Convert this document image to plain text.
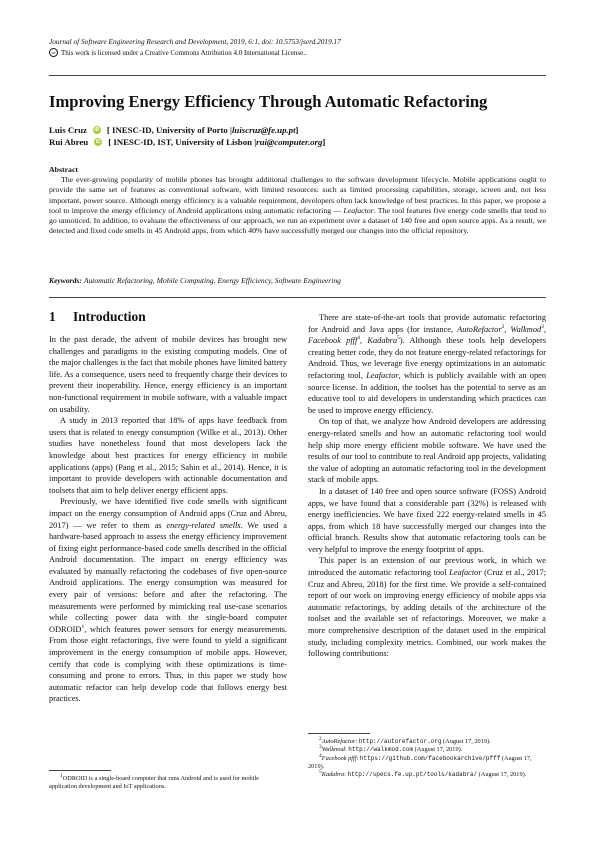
Journal of Software Engineering Research and Development, 2019, 6:1, doi: 10.5753/jserd.2019.17
cc This work is licensed under a Creative Commons Attribution 4.0 International License..
Improving Energy Efficiency Through Automatic Refactoring
Luis Cruz	iD [ INESC-ID, University of Porto | luiscruz@fe.up.pt ]
Rui Abreu	iD [ INESC-ID, IST, University of Lisbon | rui@computer.org ]
Abstract

The ever-growing popularity of mobile phones has brought additional challenges to the software development lifecycle. Mobile applications ought to provide the same set of features as conventional software, with limited resources: such as limited processing capabilities, storage, screen and, not less important, power source. Although energy efficiency is a valuable requirement, developers often lack knowledge of best practices. In this paper, we propose a tool to improve the energy efficiency of Android applications using automatic refactoring — Leafactor. The tool features five energy code smells that tend to go unnoticed. In addition, to evaluate the effectiveness of our approach, we run an experiment over a dataset of 140 free and open source apps. As a result, we detected and fixed code smells in 45 Android apps, from which 40% have successfully merged our changes into the official repository.

Keywords: Automatic Refactoring, Mobile Computing, Energy Efficiency, Software Engineering
1 Introduction

In the past decade, the advent of mobile devices has brought new challenges and paradigms to the existing computing models. One of the major challenges is the fact that mobile phones have limited battery life. As a consequence, users need to frequently charge their devices to prevent their inoperability. Hence, energy efficiency is an important non-functional requirement in mobile software, with a valuable impact on usability.

A study in 2013 reported that 18% of apps have feedback from users that is related to energy consumption (Wilke et al., 2013). Other studies have nonetheless found that most developers lack the knowledge about best practices for energy efficiency in mobile applications (apps) (Pang et al., 2015; Sahin et al., 2014). Hence, it is important to provide developers with actionable documentation and toolsets that aim to help deliver energy efficient apps.

Previously, we have identified five code smells with significant impact on the energy consumption of Android apps (Cruz and Abreu, 2017) — we refer to them as energy-related smells. We used a hardware-based approach to assess the energy efficiency improvement of fixing eight performance-based code smells described in the official Android documentation. The impact on energy efficiency was evaluated by manually refactoring the codebases of five open-source Android applications. The energy consumption was measured for every pair of versions: before and after the refactoring. The measurements were performed by mimicking real use-case scenarios while collecting power data with the single-board computer ODROID$^1$, which features power sensors for energy measurements. From those eight refactorings, five were found to yield a significant improvement in the energy consumption of mobile apps. However, certify that code is complying with these optimizations is time-consuming and prone to errors. Thus, in this paper we study how automatic refactor can help develop code that follows energy best practices.

1ODROID is a single-board computer that runs Android and is used for mobile application development and IoT applications.

There are state-of-the-art tools that provide automatic refactoring for Android and Java apps (for instance, AutoRefactor$^2$, Walkmod$^3$, Facebook pfff$^4$, Kadabra$^5$). Although these tools help developers creating better code, they do not feature energy-related refactorings for Android. Thus, we leverage five energy optimizations in an automatic refactoring tool, Leafactor, which is publicly available with an open source license. In addition, the toolset has the potential to serve as an educative tool to aid developers in understanding which practices can be used to improve energy efficiency.

On top of that, we analyze how Android developers are addressing energy-related smells and how an automatic refactoring tool would help ship more energy efficient mobile software. We have used the results of our tool to contribute to real Android app projects, validating the value of adopting an automatic refactoring tool in the development stack of mobile apps.

In a dataset of 140 free and open source software (FOSS) Android apps, we have found that a considerable part (32%) is released with energy inefficiencies. We have fixed 222 energy-related smells in 45 apps, from which 18 have successfully merged our changes into the official branch. Results show that automatic refactoring tools can be very helpful to improve the energy footprint of apps.

This paper is an extension of our previous work, in which we introduced the automatic refactoring tool Leafactor (Cruz et al., 2017; Cruz and Abreu, 2018) for the first time. We provide a self-contained report of our work on improving energy efficiency of mobile apps via automatic refactorings, by adding details of the architecture of the toolset and the available set of refactorings. Moreover, we make a more comprehensive description of the dataset used in the empirical study, including complexity metrics. Combined, our work makes the following contributions:

2AutoRefactor: http://autorefactor.org (August 17, 2019).

3Walkmod: http://walkmod.com (August 17, 2019).

4Facebook pfff: https://github.com/facebookarchive/pfff (August 17, 2019).

5Kadabra: http://specs.fe.up.pt/tools/kadabra/ (August 17, 2019).
